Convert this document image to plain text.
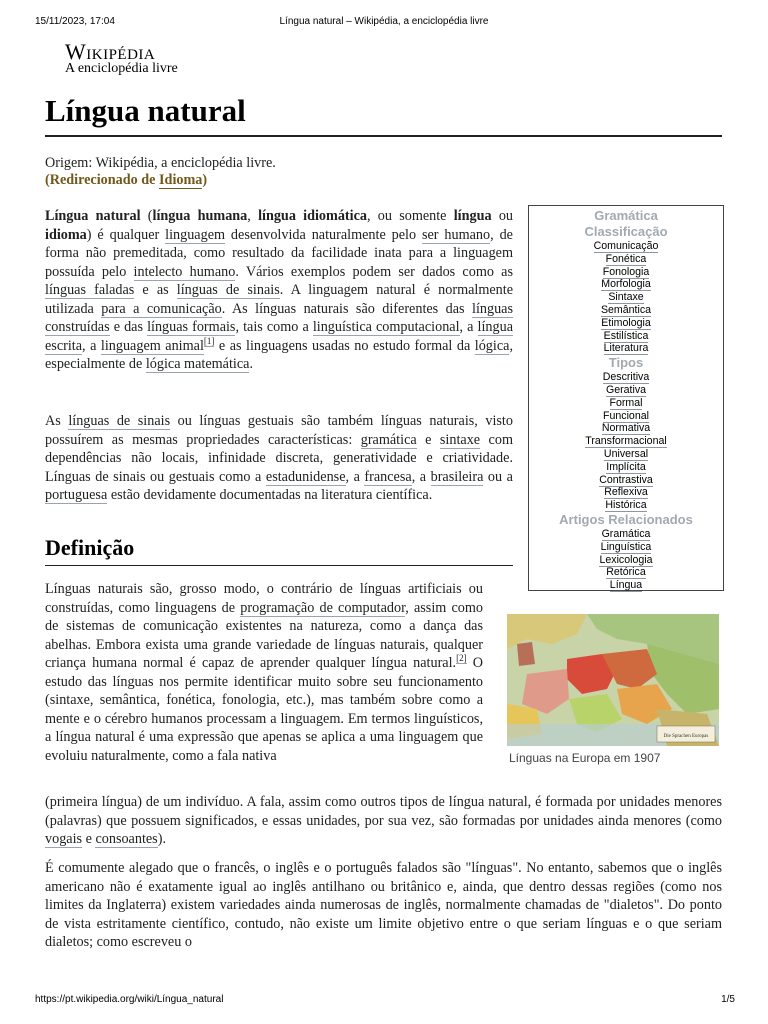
15/11/2023, 17:04	Língua natural – Wikipédia, a enciclopédia livre
Wikipédia
A enciclopédia livre
Língua natural
Origem: Wikipédia, a enciclopédia livre.
(Redirecionado de Idioma)
Língua natural (língua humana, língua idiomática, ou somente língua ou idioma) é qualquer linguagem desenvolvida naturalmente pelo ser humano, de forma não premeditada, como resultado da facilidade inata para a linguagem possuída pelo intelecto humano. Vários exemplos podem ser dados como as línguas faladas e as línguas de sinais. A linguagem natural é normalmente utilizada para a comunicação. As línguas naturais são diferentes das línguas construídas e das línguas formais, tais como a linguística computacional, a língua escrita, a linguagem animal[1] e as linguagens usadas no estudo formal da lógica, especialmente de lógica matemática.
As línguas de sinais ou línguas gestuais são também línguas naturais, visto possuírem as mesmas propriedades características: gramática e sintaxe com dependências não locais, infinidade discreta, generatividade e criatividade. Línguas de sinais ou gestuais como a estadunidense, a francesa, a brasileira ou a portuguesa estão devidamente documentadas na literatura científica.
Definição
Línguas naturais são, grosso modo, o contrário de línguas artificiais ou construídas, como linguagens de programação de computador, assim como de sistemas de comunicação existentes na natureza, como a dança das abelhas. Embora exista uma grande variedade de línguas naturais, qualquer criança humana normal é capaz de aprender qualquer língua natural.[2] O estudo das línguas nos permite identificar muito sobre seu funcionamento (sintaxe, semântica, fonética, fonologia, etc.), mas também sobre como a mente e o cérebro humanos processam a linguagem. Em termos linguísticos, a língua natural é uma expressão que apenas se aplica a uma linguagem que evoluiu naturalmente, como a fala nativa
(primeira língua) de um indivíduo. A fala, assim como outros tipos de língua natural, é formada por unidades menores (palavras) que possuem significados, e essas unidades, por sua vez, são formadas por unidades ainda menores (como vogais e consoantes).
É comumente alegado que o francês, o inglês e o português falados são "línguas". No entanto, sabemos que o inglês americano não é exatamente igual ao inglês antilhano ou britânico e, ainda, que dentro dessas regiões (como nos limites da Inglaterra) existem variedades ainda numerosas de inglês, normalmente chamadas de "dialetos". Do ponto de vista estritamente científico, contudo, não existe um limite objetivo entre o que seriam línguas e o que seriam dialetos; como escreveu o
Gramática
Classificação
Comunicação
Fonética
Fonologia
Morfologia
Sintaxe
Semântica
Etimologia
Estilística
Literatura
Tipos
Descritiva
Gerativa
Formal
Funcional
Normativa
Transformacional
Universal
Implícita
Contrastiva
Reflexiva
Histórica
Artigos Relacionados
Gramática
Linguística
Lexicologia
Retórica
Língua
Die Sprachen Europas
Línguas na Europa em 1907
https://pt.wikipedia.org/wiki/Língua_natural	1/5
